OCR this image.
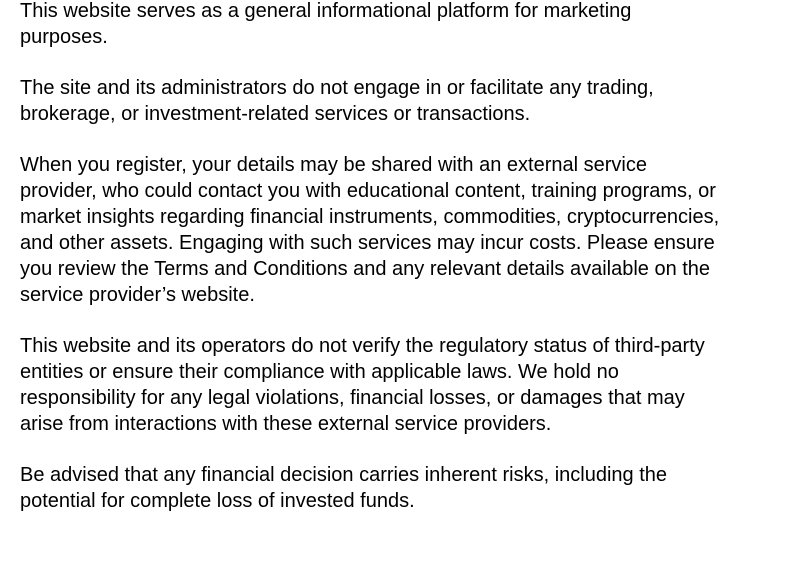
This website serves as a general informational platform for marketing
purposes.

The site and its administrators do not engage in or facilitate any trading,
brokerage, or investment-related services or transactions.

When you register, your details may be shared with an external service
provider, who could contact you with educational content, training programs, or
market insights regarding financial instruments, commodities, cryptocurrencies,
and other assets. Engaging with such services may incur costs. Please ensure
you review the Terms and Conditions and any relevant details available on the
service provider’s website.

This website and its operators do not verify the regulatory status of third-party
entities or ensure their compliance with applicable laws. We hold no
responsibility for any legal violations, financial losses, or damages that may
arise from interactions with these external service providers.

Be advised that any financial decision carries inherent risks, including the
potential for complete loss of invested funds.
